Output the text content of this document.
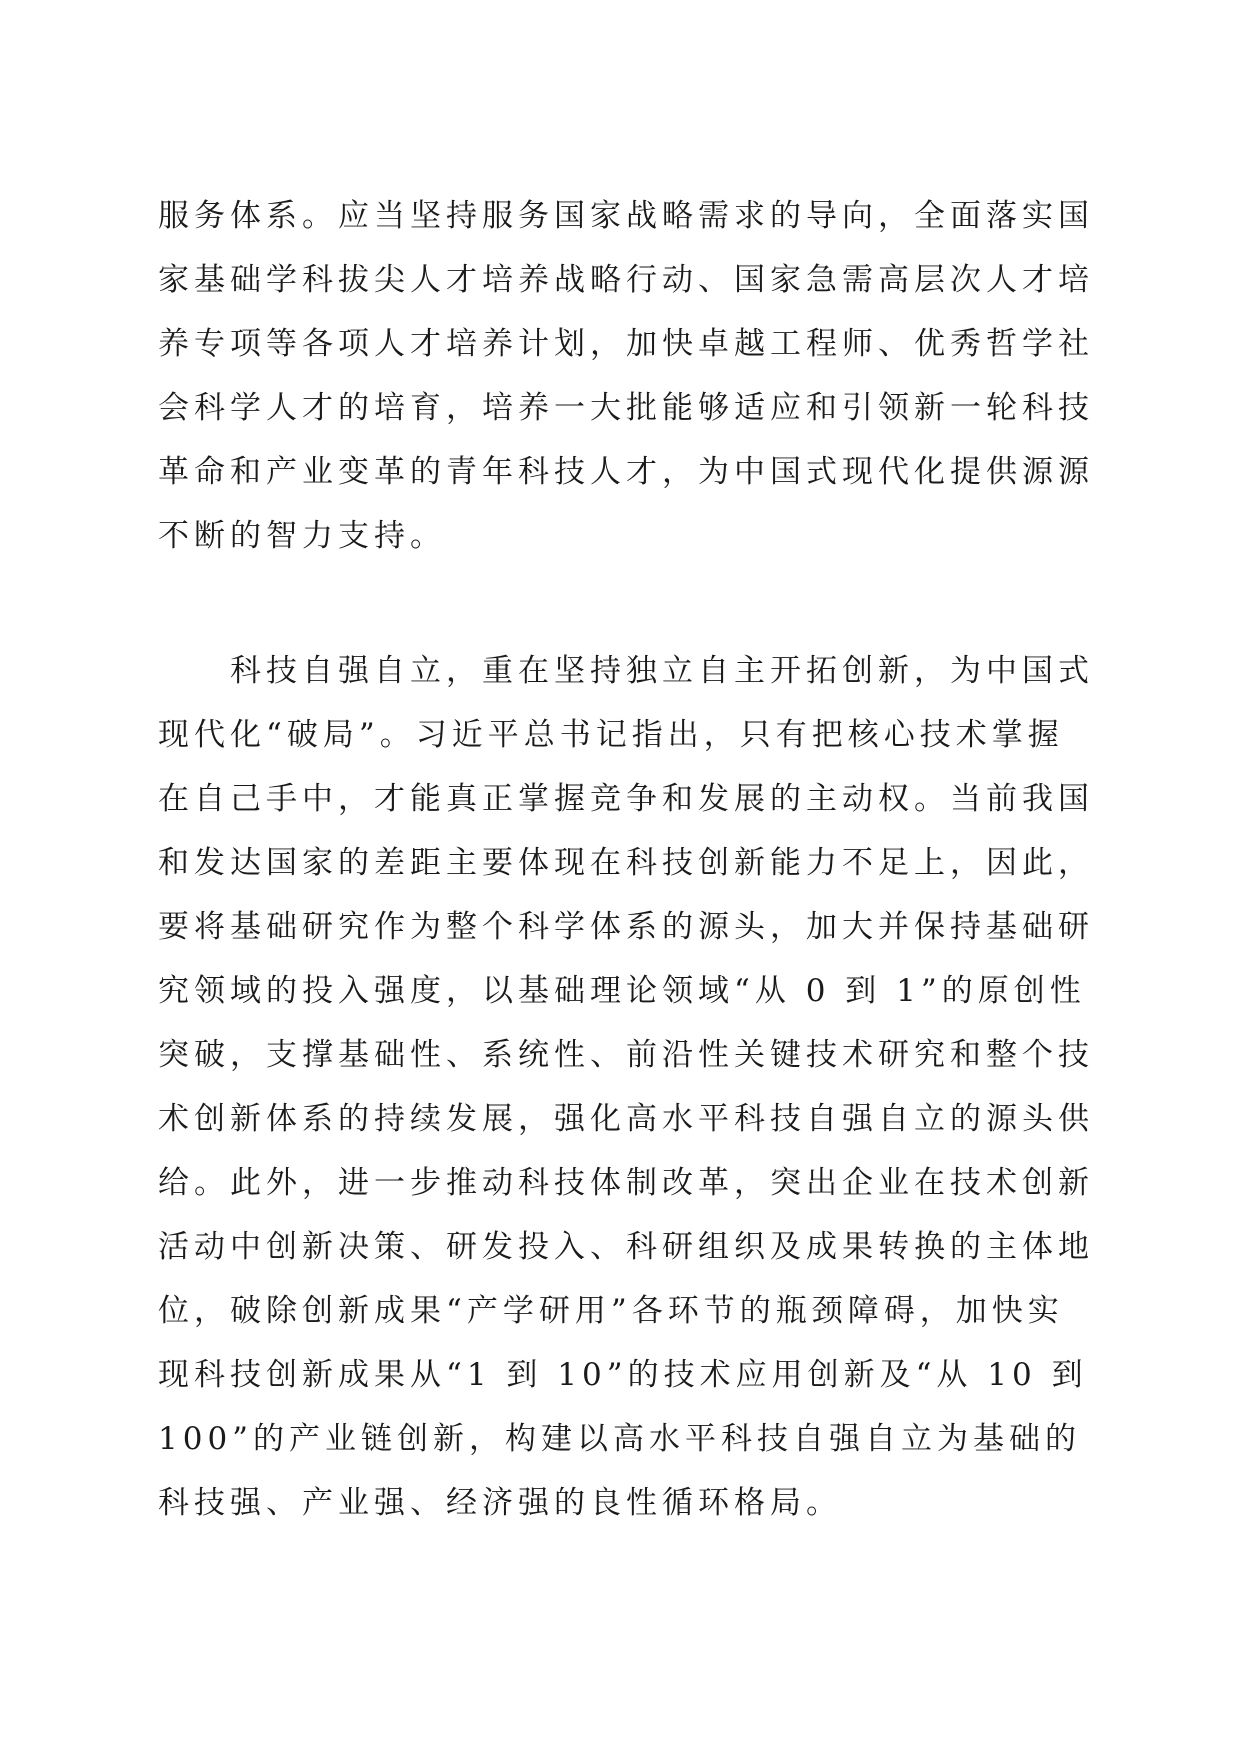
服务体系。应当坚持服务国家战略需求的导向，全面落实国
家基础学科拔尖人才培养战略行动、国家急需高层次人才培
养专项等各项人才培养计划，加快卓越工程师、优秀哲学社
会科学人才的培育，培养一大批能够适应和引领新一轮科技
革命和产业变革的青年科技人才，为中国式现代化提供源源
不断的智力支持。
科技自强自立，重在坚持独立自主开拓创新，为中国式
现代化“破局”。习近平总书记指出，只有把核心技术掌握
在自己手中，才能真正掌握竞争和发展的主动权。当前我国
和发达国家的差距主要体现在科技创新能力不足上，因此，
要将基础研究作为整个科学体系的源头，加大并保持基础研
究领域的投入强度，以基础理论领域“从 0 到 1”的原创性
突破，支撑基础性、系统性、前沿性关键技术研究和整个技
术创新体系的持续发展，强化高水平科技自强自立的源头供
给。此外，进一步推动科技体制改革，突出企业在技术创新
活动中创新决策、研发投入、科研组织及成果转换的主体地
位，破除创新成果“产学研用”各环节的瓶颈障碍，加快实
现科技创新成果从“1 到 10”的技术应用创新及“从 10 到
100”的产业链创新，构建以高水平科技自强自立为基础的
科技强、产业强、经济强的良性循环格局。
